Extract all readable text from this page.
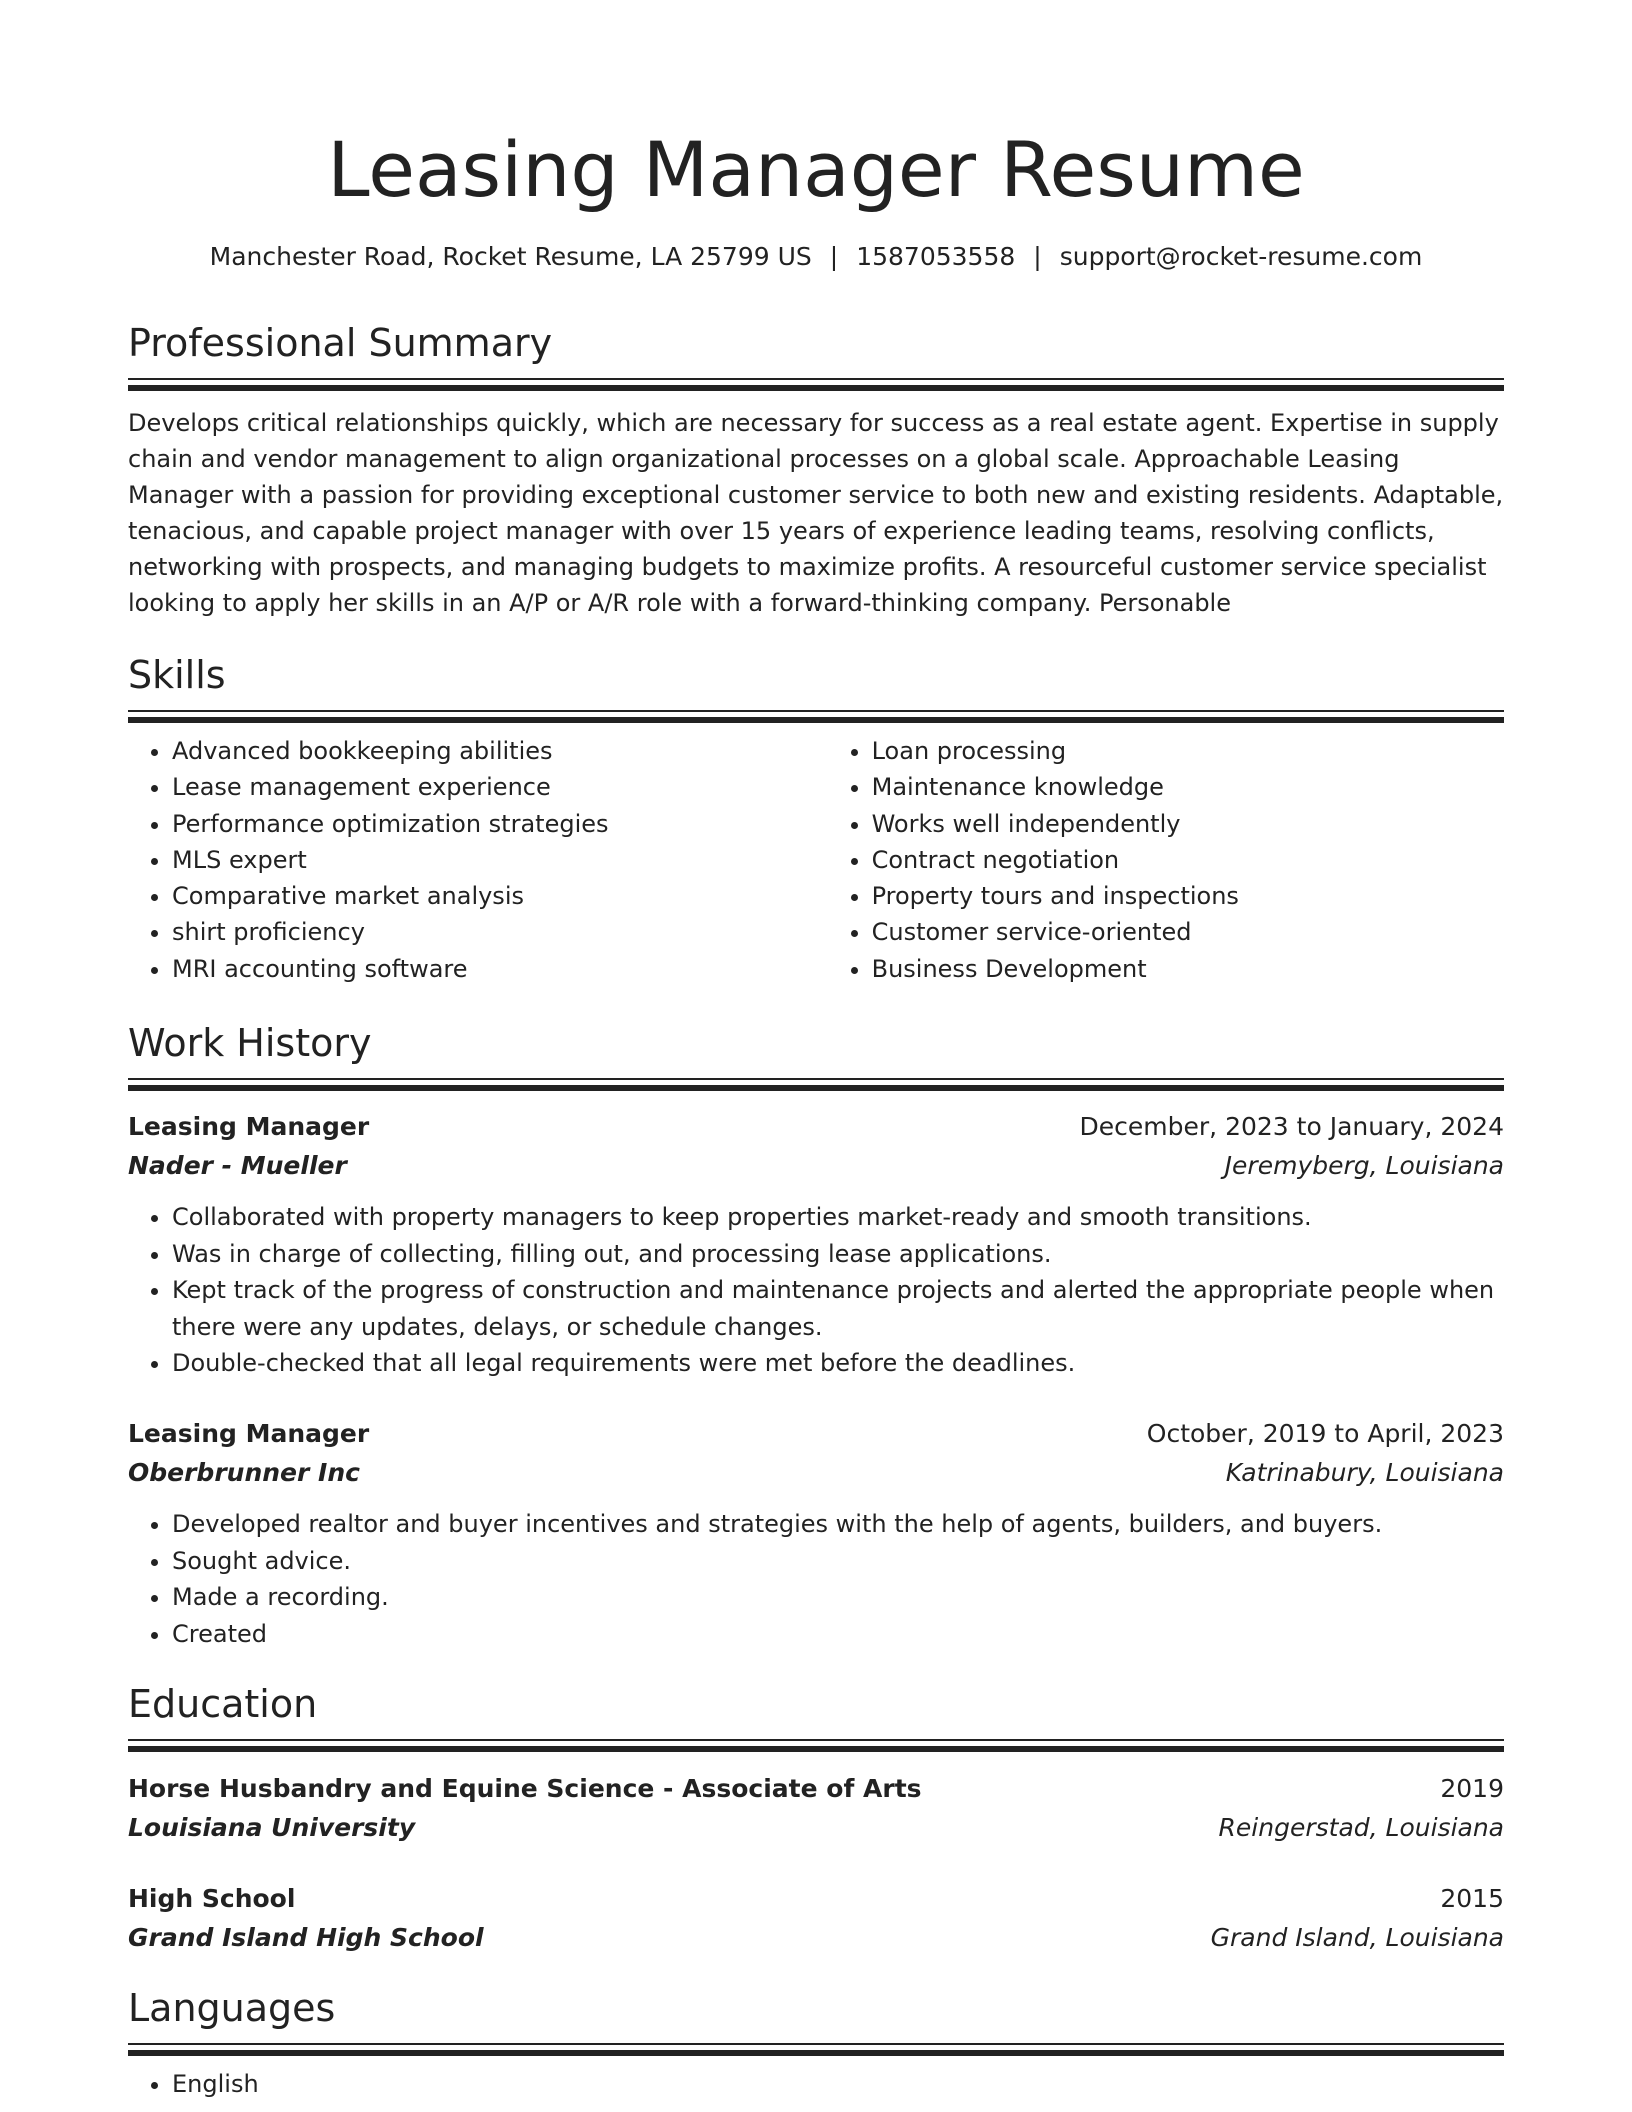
Leasing Manager Resume
Manchester Road, Rocket Resume, LA 25799 US | 1587053558 | support@rocket-resume.com
Professional Summary

Develops critical relationships quickly, which are necessary for success as a real estate agent. Expertise in supply chain and vendor management to align organizational processes on a global scale. Approachable Leasing Manager with a passion for providing exceptional customer service to both new and existing residents. Adaptable, tenacious, and capable project manager with over 15 years of experience leading teams, resolving conflicts, networking with prospects, and managing budgets to maximize profits. A resourceful customer service specialist looking to apply her skills in an A/P or A/R role with a forward-thinking company. Personable

Skills
• Advanced bookkeeping abilities
• Lease management experience
• Performance optimization strategies
• MLS expert
• Comparative market analysis
• shirt proficiency
• MRI accounting software
• Loan processing
• Maintenance knowledge
• Works well independently
• Contract negotiation
• Property tours and inspections
• Customer service-oriented
• Business Development
Work History
Leasing Manager	December, 2023 to January, 2024
Nader - Mueller	Jeremyberg, Louisiana
• Collaborated with property managers to keep properties market-ready and smooth transitions.
• Was in charge of collecting, filling out, and processing lease applications.
• Kept track of the progress of construction and maintenance projects and alerted the appropriate people when there were any updates, delays, or schedule changes.
• Double-checked that all legal requirements were met before the deadlines.
Leasing Manager	October, 2019 to April, 2023
Oberbrunner Inc	Katrinabury, Louisiana
• Developed realtor and buyer incentives and strategies with the help of agents, builders, and buyers.
• Sought advice.
• Made a recording.
• Created
Education
Horse Husbandry and Equine Science - Associate of Arts	2019
Louisiana University	Reingerstad, Louisiana
High School	2015
Grand Island High School	Grand Island, Louisiana
Languages
• English
